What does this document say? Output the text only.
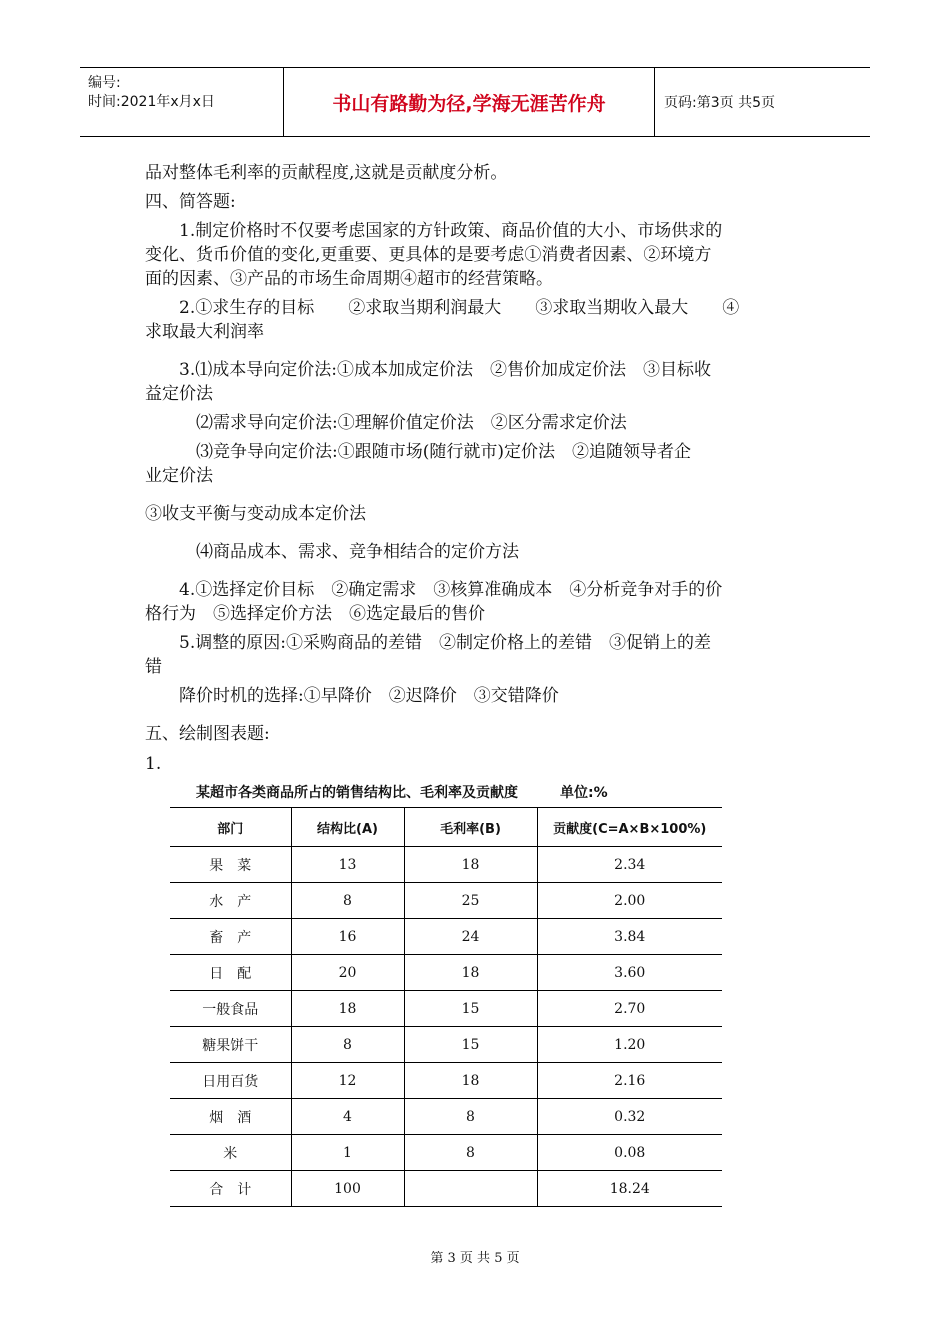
编号:
时间:2021年x月x日	书山有路勤为径,学海无涯苦作舟	页码:第3页 共5页

品对整体毛利率的贡献程度,这就是贡献度分析。

四、简答题:

　　1.制定价格时不仅要考虑国家的方针政策、商品价值的大小、市场供求的

变化、货币价值的变化,更重要、更具体的是要考虑①消费者因素、②环境方

面的因素、③产品的市场生命周期④超市的经营策略。

　　2.①求生存的目标　　②求取当期利润最大　　③求取当期收入最大　　④

求取最大利润率

　　3.⑴成本导向定价法:①成本加成定价法　②售价加成定价法　③目标收

益定价法

　　　⑵需求导向定价法:①理解价值定价法　②区分需求定价法

　　　⑶竞争导向定价法:①跟随市场(随行就市)定价法　②追随领导者企

业定价法

③收支平衡与变动成本定价法

　　　⑷商品成本、需求、竞争相结合的定价方法

　　4.①选择定价目标　②确定需求　③核算准确成本　④分析竞争对手的价

格行为　⑤选择定价方法　⑥选定最后的售价

　　5.调整的原因:①采购商品的差错　②制定价格上的差错　③促销上的差

错

　　降价时机的选择:①早降价　②迟降价　③交错降价

五、绘制图表题:

1.

某超市各类商品所占的销售结构比、毛利率及贡献度　　　单位:%
部门	结构比(A)	毛利率(B)	贡献度(C=A×B×100%)
果　菜	13	18	2.34
水　产	8	25	2.00
畜　产	16	24	3.84
日　配	20	18	3.60
一般食品	18	15	2.70
糖果饼干	8	15	1.20
日用百货	12	18	2.16
烟　酒	4	8	0.32
米	1	8	0.08
合　计	100		18.24
第 3 页 共 5 页
